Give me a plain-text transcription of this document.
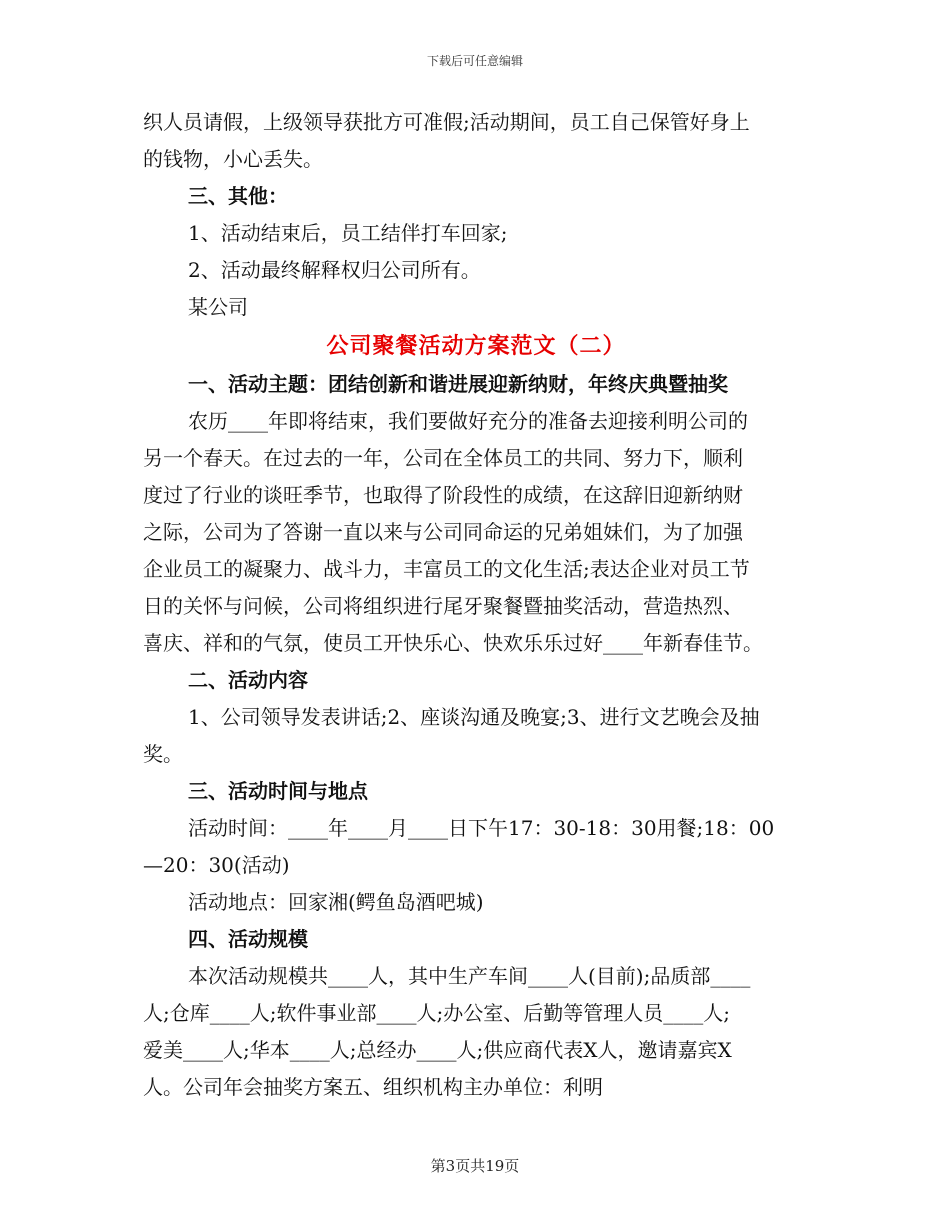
下载后可任意编辑

织人员请假，上级领导获批方可准假;活动期间，员工自己保管好身上

的钱物，小心丢失。

三、其他：

1、活动结束后，员工结伴打车回家;

2、活动最终解释权归公司所有。

某公司

公司聚餐活动方案范文（二）

一、活动主题：团结创新和谐进展迎新纳财，年终庆典暨抽奖

农历____年即将结束，我们要做好充分的准备去迎接利明公司的

另一个春天。在过去的一年，公司在全体员工的共同、努力下，顺利

度过了行业的谈旺季节，也取得了阶段性的成绩，在这辞旧迎新纳财

之际，公司为了答谢一直以来与公司同命运的兄弟姐妹们，为了加强

企业员工的凝聚力、战斗力，丰富员工的文化生活;表达企业对员工节

日的关怀与问候，公司将组织进行尾牙聚餐暨抽奖活动，营造热烈、

喜庆、祥和的气氛，使员工开快乐心、快欢乐乐过好____年新春佳节。

二、活动内容

1、公司领导发表讲话;2、座谈沟通及晚宴;3、进行文艺晚会及抽

奖。

三、活动时间与地点

活动时间：____年____月____日下午17：30-18：30用餐;18：00

—20：30(活动)

活动地点：回家湘(鳄鱼岛酒吧城)

四、活动规模

本次活动规模共____人，其中生产车间____人(目前);品质部____

人;仓库____人;软件事业部____人;办公室、后勤等管理人员____人;

爱美____人;华本____人;总经办____人;供应商代表X人，邀请嘉宾X

人。公司年会抽奖方案五、组织机构主办单位：利明

第3页共19页
